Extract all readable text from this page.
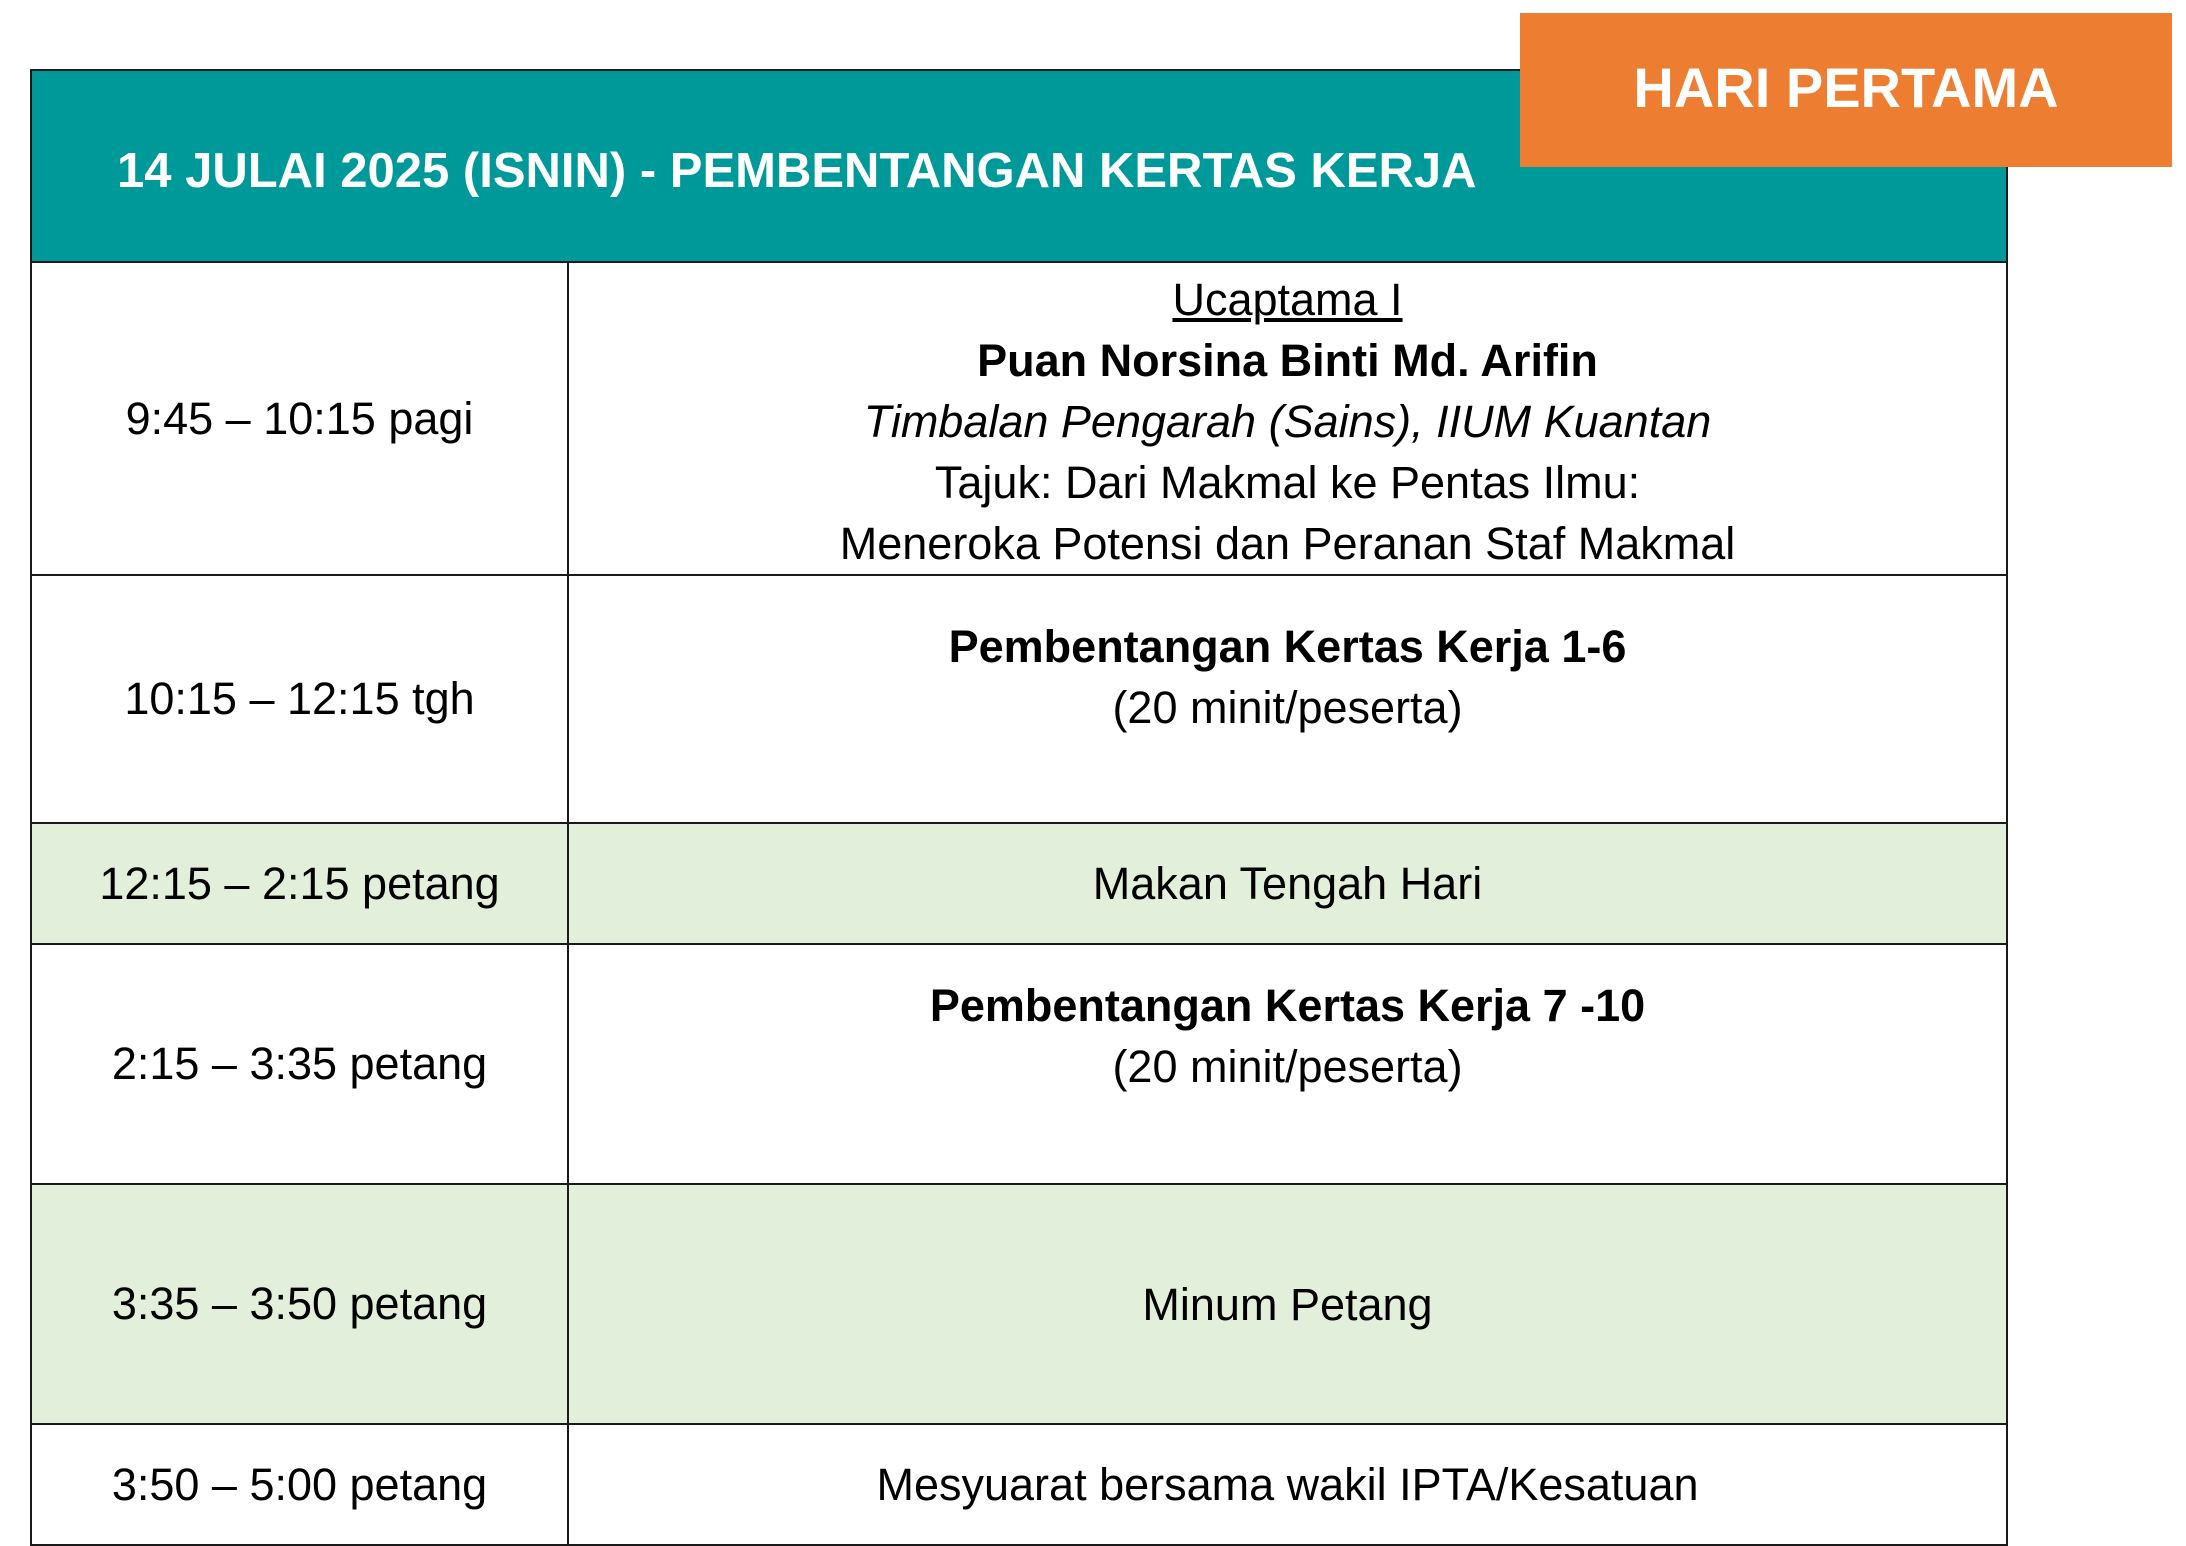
HARI PERTAMA
14 JULAI 2025 (ISNIN) - PEMBENTANGAN KERTAS KERJA	
9:45 – 10:15 pagi	Ucaptama I
Puan Norsina Binti Md. Arifin
Timbalan Pengarah (Sains), IIUM Kuantan
Tajuk: Dari Makmal ke Pentas Ilmu:
Meneroka Potensi dan Peranan Staf Makmal

10:15 – 12:15 tgh	Pembentangan Kertas Kerja 1-6
(20 minit/peserta)

12:15 – 2:15 petang	Makan Tengah Hari

2:15 – 3:35 petang	Pembentangan Kertas Kerja 7 -10
(20 minit/peserta)

3:35 – 3:50 petang	Minum Petang

3:50 – 5:00 petang	Mesyuarat bersama wakil IPTA/Kesatuan
